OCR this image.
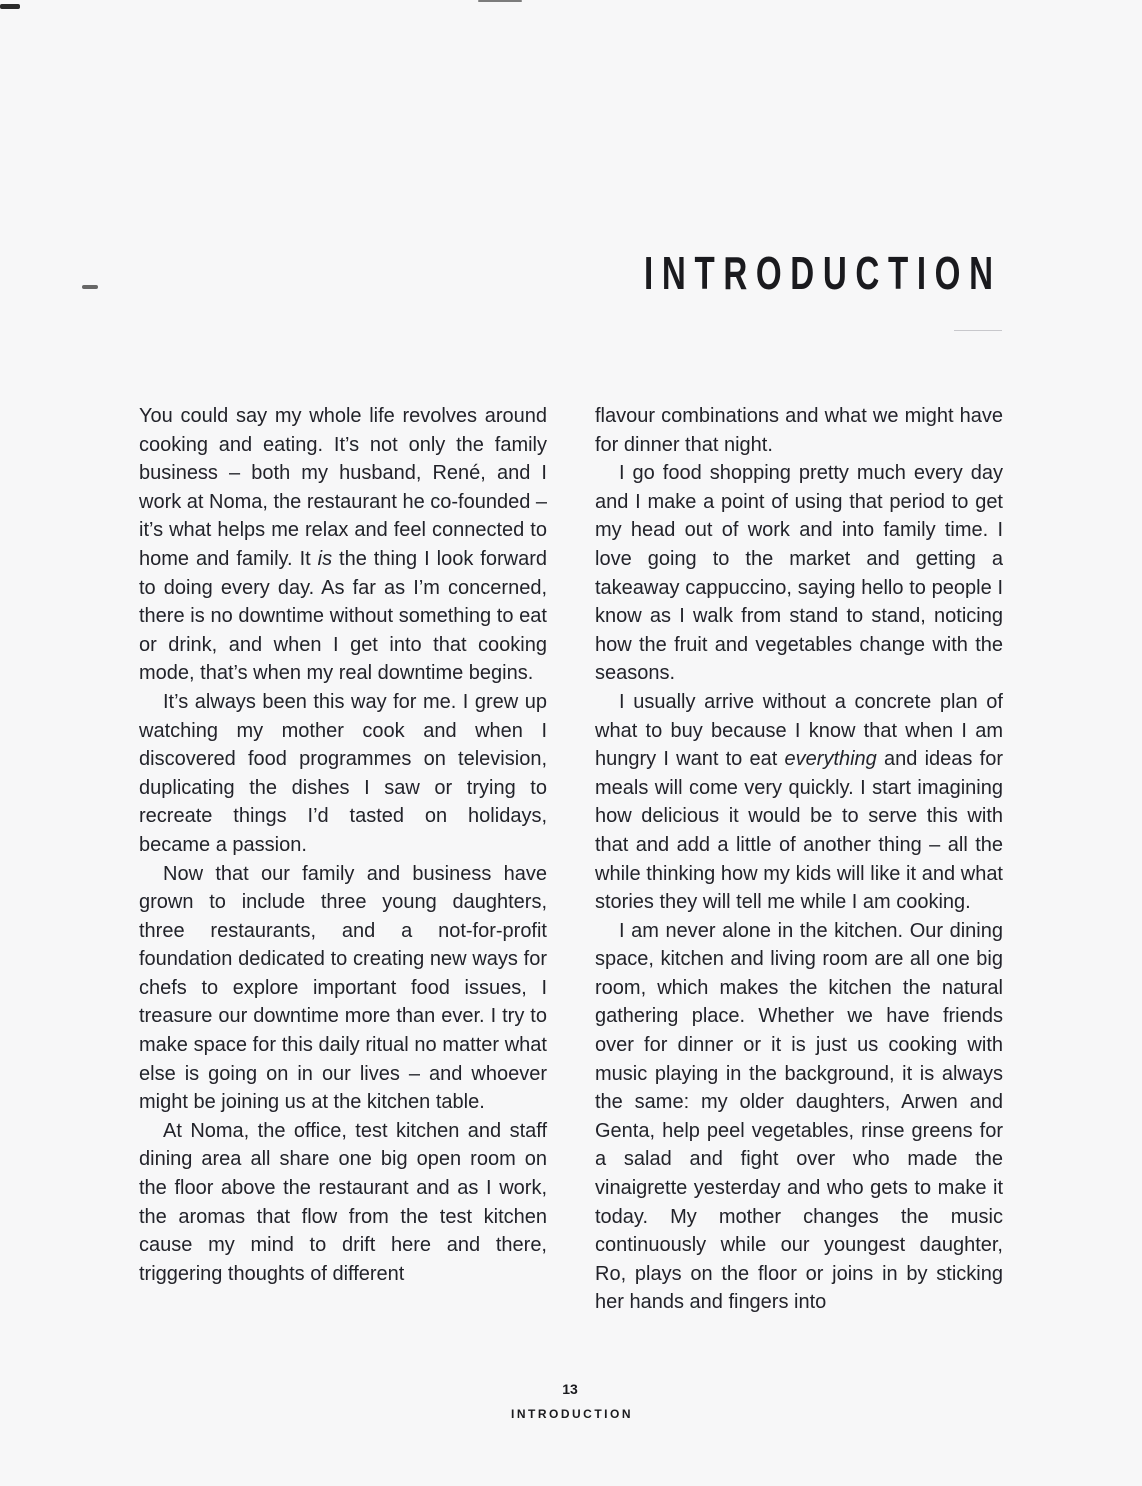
INTRODUCTION

You could say my whole life revolves around cooking and eating. It’s not only the family business – both my husband, René, and I work at Noma, the restaurant he co-founded – it’s what helps me relax and feel connected to home and family. It is the thing I look forward to doing every day. As far as I’m concerned, there is no downtime without something to eat or drink, and when I get into that cooking mode, that’s when my real downtime begins.

It’s always been this way for me. I grew up watching my mother cook and when I discovered food programmes on television, duplicating the dishes I saw or trying to recreate things I’d tasted on holidays, became a passion.

Now that our family and business have grown to include three young daughters, three restaurants, and a not-for-profit foundation dedicated to creating new ways for chefs to explore important food issues, I treasure our downtime more than ever. I try to make space for this daily ritual no matter what else is going on in our lives – and whoever might be joining us at the kitchen table.

At Noma, the office, test kitchen and staff dining area all share one big open room on the floor above the restaurant and as I work, the aromas that flow from the test kitchen cause my mind to drift here and there, triggering thoughts of different

flavour combinations and what we might have for dinner that night.

I go food shopping pretty much every day and I make a point of using that period to get my head out of work and into family time. I love going to the market and getting a takeaway cappuccino, saying hello to people I know as I walk from stand to stand, noticing how the fruit and vegetables change with the seasons.

I usually arrive without a concrete plan of what to buy because I know that when I am hungry I want to eat everything and ideas for meals will come very quickly. I start imagining how delicious it would be to serve this with that and add a little of another thing – all the while thinking how my kids will like it and what stories they will tell me while I am cooking.

I am never alone in the kitchen. Our dining space, kitchen and living room are all one big room, which makes the kitchen the natural gathering place. Whether we have friends over for dinner or it is just us cooking with music playing in the background, it is always the same: my older daughters, Arwen and Genta, help peel vegetables, rinse greens for a salad and fight over who made the vinaigrette yesterday and who gets to make it today. My mother changes the music continuously while our youngest daughter, Ro, plays on the floor or joins in by sticking her hands and fingers into

13
INTRODUCTION
